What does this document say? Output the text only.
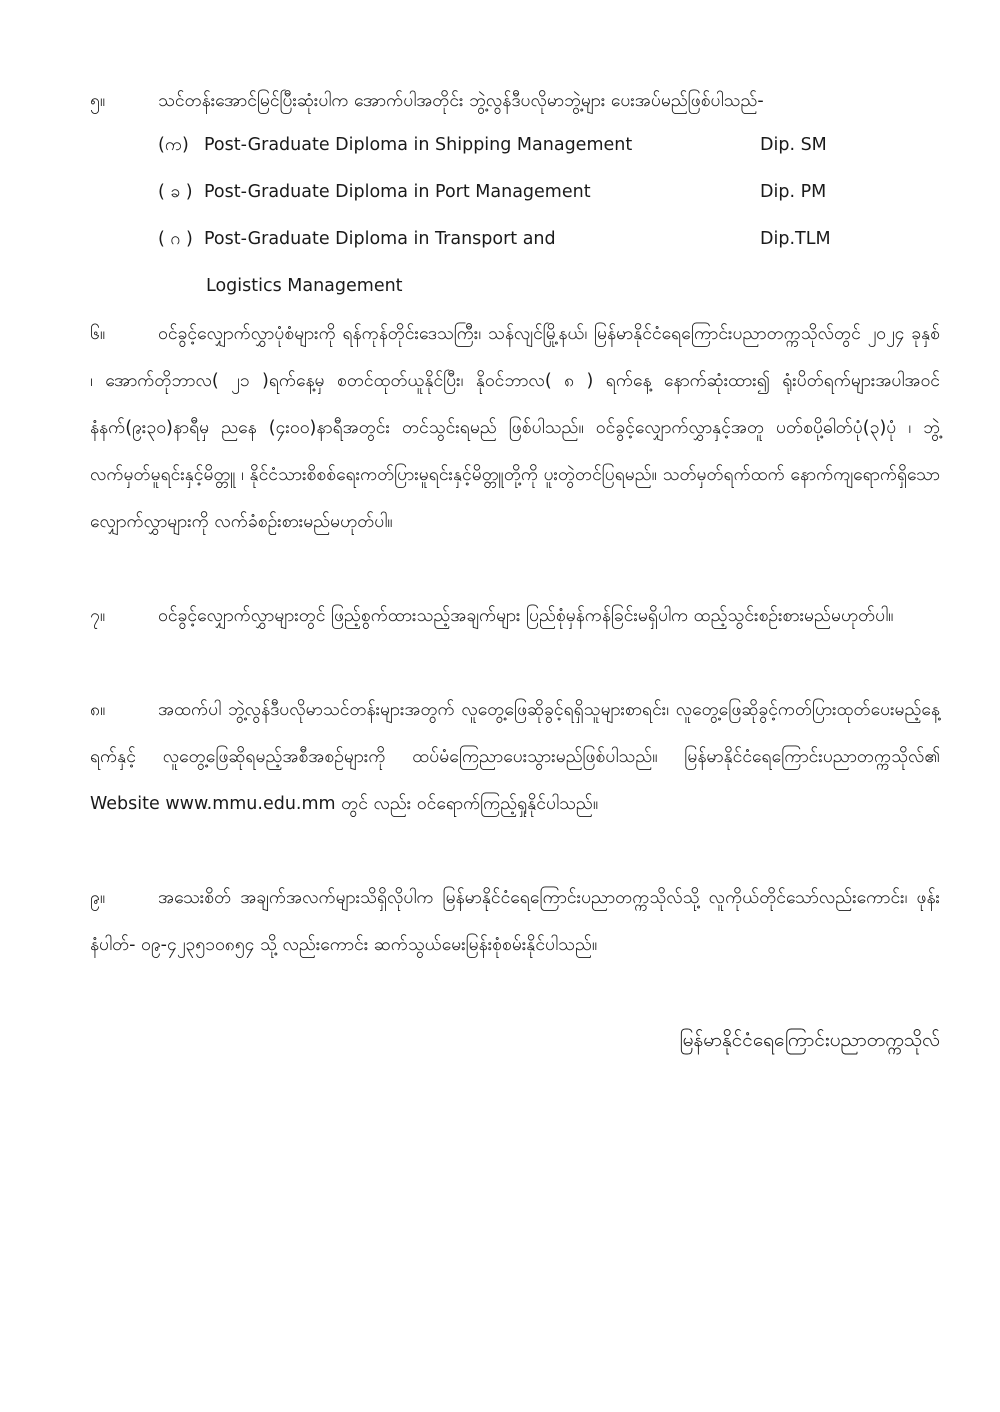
၅။	သင်တန်းအောင်မြင်ပြီးဆုံးပါက အောက်ပါအတိုင်း ဘွဲ့လွန်ဒီပလိုမာဘွဲ့များ ပေးအပ်မည်ဖြစ်ပါသည်-
(က) Post-Graduate Diploma in Shipping Management	Dip. SM
( ခ ) Post-Graduate Diploma in Port Management	Dip. PM
( ဂ ) Post-Graduate Diploma in Transport and	Dip.TLM
Logistics Management
၆။	ဝင်ခွင့်လျှောက်လွှာပုံစံများကို ရန်ကုန်တိုင်းဒေသကြီး၊ သန်လျင်မြို့နယ်၊ မြန်မာနိုင်ငံရေကြောင်းပညာတက္ကသိုလ်တွင် ၂၀၂၄ ခုနှစ် ၊ အောက်တိုဘာလ( ၂၁ )ရက်နေ့မှ စတင်ထုတ်ယူနိုင်ပြီး၊ နိုဝင်ဘာလ( ၈ ) ရက်နေ့ နောက်ဆုံးထား၍ ရုံးပိတ်ရက်များအပါအဝင် နံနက်(၉း၃၀)နာရီမှ ညနေ (၄း၀၀)နာရီအတွင်း တင်သွင်းရမည် ဖြစ်ပါသည်။ ဝင်ခွင့်လျှောက်လွှာနှင့်အတူ ပတ်စပို့ဓါတ်ပုံ(၃)ပုံ ၊ ဘွဲ့လက်မှတ်မူရင်းနှင့်မိတ္တူ ၊ နိုင်ငံသားစိစစ်ရေးကတ်ပြားမူရင်းနှင့်မိတ္တူတို့ကို ပူးတွဲတင်ပြရမည်။ သတ်မှတ်ရက်ထက် နောက်ကျရောက်ရှိသော လျှောက်လွှာများကို လက်ခံစဉ်းစားမည်မဟုတ်ပါ။
၇။	ဝင်ခွင့်လျှောက်လွှာများတွင် ဖြည့်စွက်ထားသည့်အချက်များ ပြည်စုံမှန်ကန်ခြင်းမရှိပါက ထည့်သွင်းစဉ်းစားမည်မဟုတ်ပါ။
၈။	အထက်ပါ ဘွဲ့လွန်ဒီပလိုမာသင်တန်းများအတွက် လူတွေ့ဖြေဆိုခွင့်ရရှိသူများစာရင်း၊ လူတွေ့ဖြေဆိုခွင့်ကတ်ပြားထုတ်ပေးမည့်နေ့ရက်နှင့် လူတွေ့ဖြေဆိုရမည့်အစီအစဉ်များကို ထပ်မံကြေညာပေးသွားမည်ဖြစ်ပါသည်။ မြန်မာနိုင်ငံရေကြောင်းပညာတက္ကသိုလ်၏ Website www.mmu.edu.mm တွင် လည်း ဝင်ရောက်ကြည့်ရှုနိုင်ပါသည်။
၉။	အသေးစိတ် အချက်အလက်များသိရှိလိုပါက မြန်မာနိုင်ငံရေကြောင်းပညာတက္ကသိုလ်သို့ လူကိုယ်တိုင်သော်လည်းကောင်း၊ ဖုန်းနံပါတ်- ၀၉-၄၂၃၅၁၀၈၅၄ သို့ လည်းကောင်း ဆက်သွယ်မေးမြန်းစုံစမ်းနိုင်ပါသည်။
မြန်မာနိုင်ငံရေကြောင်းပညာတက္ကသိုလ်
